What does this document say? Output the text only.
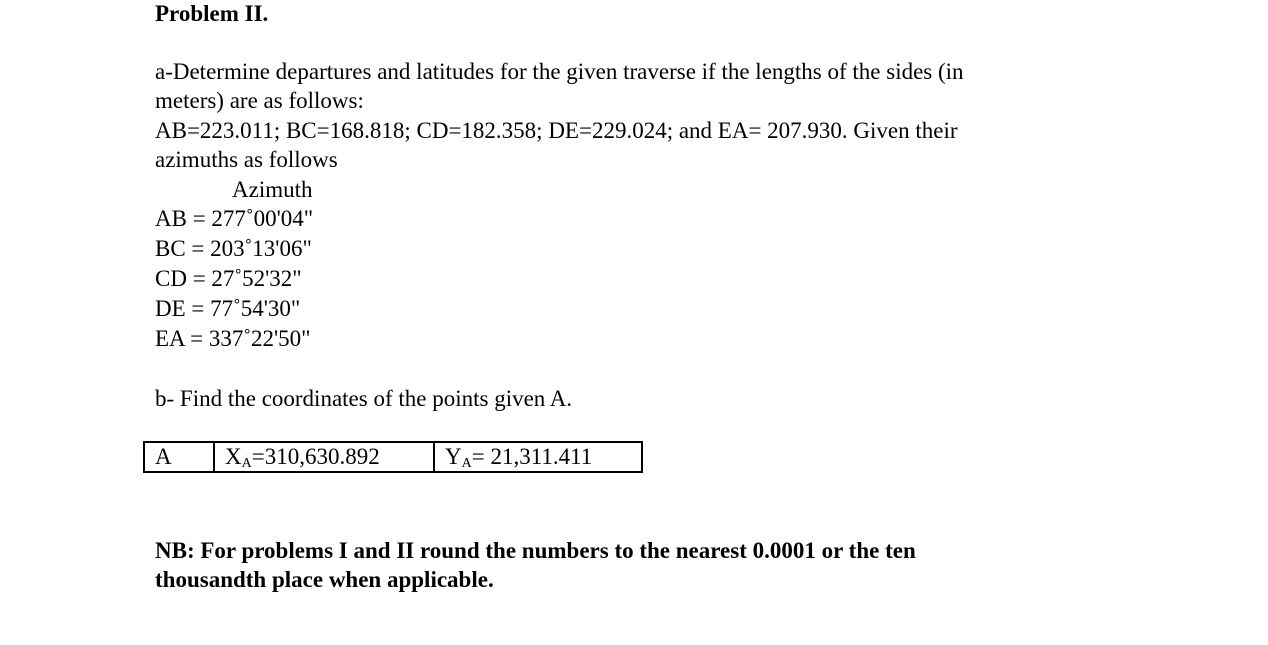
Problem II.
a-Determine departures and latitudes for the given traverse if the lengths of the sides (in
meters) are as follows:
AB=223.011; BC=168.818; CD=182.358; DE=229.024; and EA= 207.930. Given their
azimuths as follows
Azimuth
AB = 277˚00'04"
BC = 203˚13'06"
CD = 27˚52'32"
DE = 77˚54'30"
EA = 337˚22'50"
b- Find the coordinates of the points given A.
A	$X_A=310,630.892$	$Y_A= 21,311.411$
NB: For problems I and II round the numbers to the nearest 0.0001 or the ten
thousandth place when applicable.
